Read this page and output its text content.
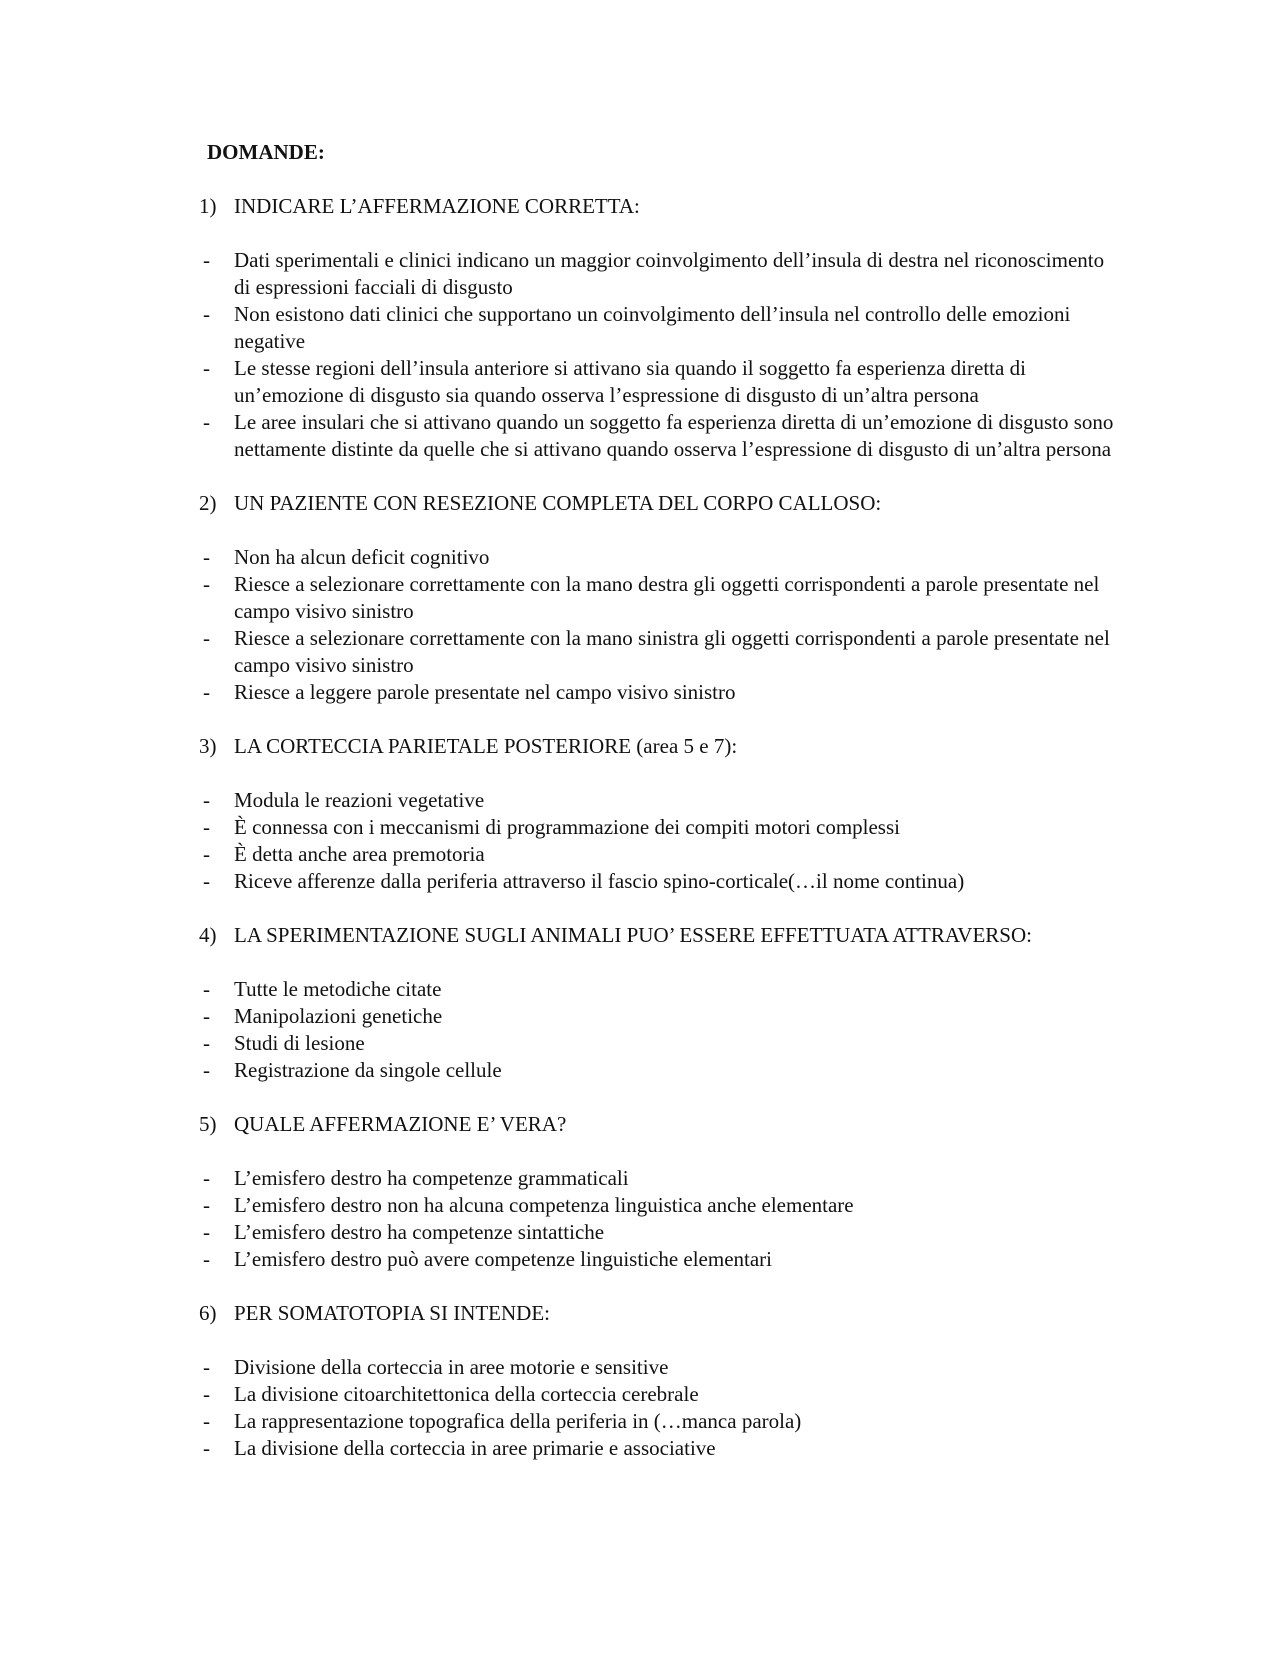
DOMANDE:
1) INDICARE L’AFFERMAZIONE CORRETTA:
- Dati sperimentali e clinici indicano un maggior coinvolgimento dell’insula di destra nel riconoscimento di espressioni facciali di disgusto
- Non esistono dati clinici che supportano un coinvolgimento dell’insula nel controllo delle emozioni negative
- Le stesse regioni dell’insula anteriore si attivano sia quando il soggetto fa esperienza diretta di un’emozione di disgusto sia quando osserva l’espressione di disgusto di un’altra persona
- Le aree insulari che si attivano quando un soggetto fa esperienza diretta di un’emozione di disgusto sono nettamente distinte da quelle che si attivano quando osserva l’espressione di disgusto di un’altra persona
2) UN PAZIENTE CON RESEZIONE COMPLETA DEL CORPO CALLOSO:
- Non ha alcun deficit cognitivo
- Riesce a selezionare correttamente con la mano destra gli oggetti corrispondenti a parole presentate nel campo visivo sinistro
- Riesce a selezionare correttamente con la mano sinistra gli oggetti corrispondenti a parole presentate nel campo visivo sinistro
- Riesce a leggere parole presentate nel campo visivo sinistro
3) LA CORTECCIA PARIETALE POSTERIORE (area 5 e 7):
- Modula le reazioni vegetative
- È connessa con i meccanismi di programmazione dei compiti motori complessi
- È detta anche area premotoria
- Riceve afferenze dalla periferia attraverso il fascio spino-corticale(…il nome continua)
4) LA SPERIMENTAZIONE SUGLI ANIMALI PUO’ ESSERE EFFETTUATA ATTRAVERSO:
- Tutte le metodiche citate
- Manipolazioni genetiche
- Studi di lesione
- Registrazione da singole cellule
5) QUALE AFFERMAZIONE E’ VERA?
- L’emisfero destro ha competenze grammaticali
- L’emisfero destro non ha alcuna competenza linguistica anche elementare
- L’emisfero destro ha competenze sintattiche
- L’emisfero destro può avere competenze linguistiche elementari
6) PER SOMATOTOPIA SI INTENDE:
- Divisione della corteccia in aree motorie e sensitive
- La divisione citoarchitettonica della corteccia cerebrale
- La rappresentazione topografica della periferia in (…manca parola)
- La divisione della corteccia in aree primarie e associative
